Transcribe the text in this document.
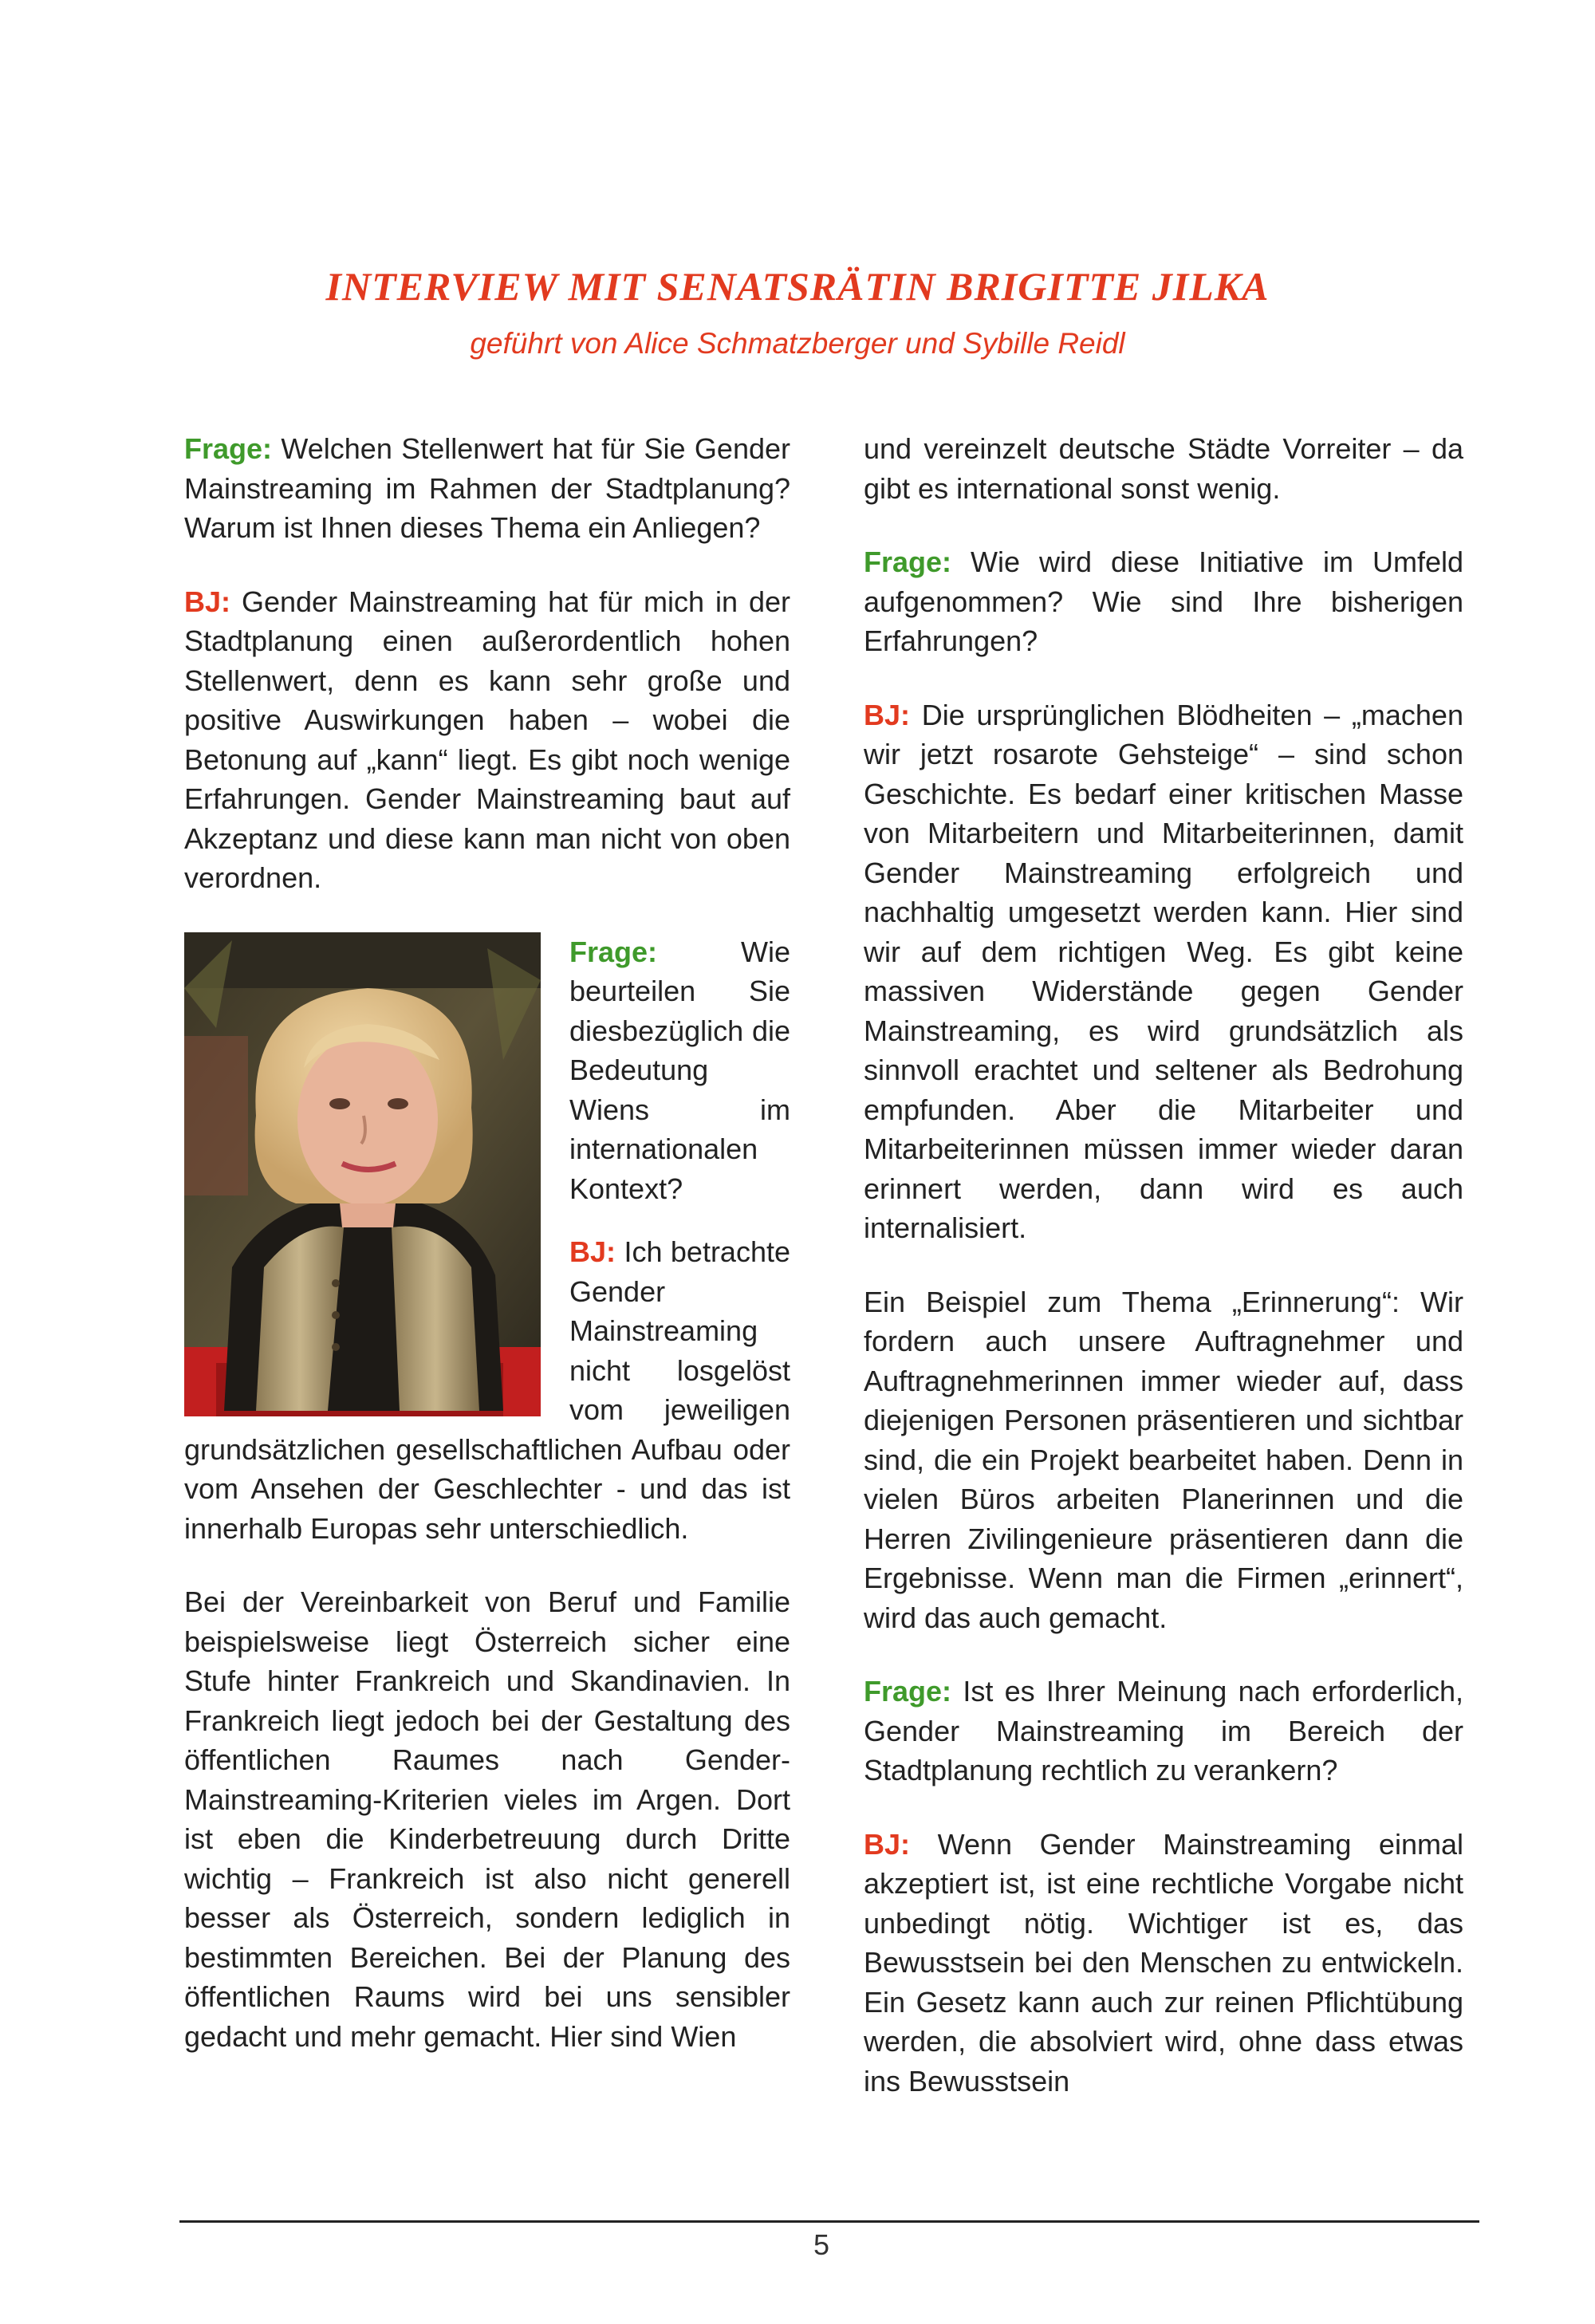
INTERVIEW MIT SENATSRÄTIN BRIGITTE JILKA
geführt von Alice Schmatzberger und Sybille Reidl

Frage: Welchen Stellenwert hat für Sie Gender Mainstreaming im Rahmen der Stadtplanung? Warum ist Ihnen dieses Thema ein Anliegen?

BJ: Gender Mainstreaming hat für mich in der Stadtplanung einen außerordentlich hohen Stellenwert, denn es kann sehr große und positive Auswirkungen haben – wobei die Betonung auf „kann“ liegt. Es gibt noch wenige Erfahrungen. Gender Mainstreaming baut auf Akzeptanz und diese kann man nicht von oben verordnen.

Frage:	Wie beurteilen Sie diesbezüglich die Bedeutung Wiens im internationalen Kontext?

BJ: Ich betrachte Gender Mainstreaming nicht losgelöst vom jeweiligen grundsätzlichen gesellschaftlichen Aufbau oder vom Ansehen der Geschlechter - und das ist innerhalb Europas sehr unterschiedlich.

Bei der Vereinbarkeit von Beruf und Familie beispielsweise liegt Österreich sicher eine Stufe hinter Frankreich und Skandinavien. In Frankreich liegt jedoch bei der Gestaltung des öffentlichen Raumes nach Gender-Mainstreaming-Kriterien vieles im Argen. Dort ist eben die Kinderbetreuung durch Dritte wichtig – Frankreich ist also nicht generell besser als Österreich, sondern lediglich in bestimmten Bereichen. Bei der Planung des öffentlichen Raums wird bei uns sensibler gedacht und mehr gemacht. Hier sind Wien

und vereinzelt deutsche Städte Vorreiter – da gibt es international sonst wenig.

Frage: Wie wird diese Initiative im Umfeld aufgenommen? Wie sind Ihre bisherigen Erfahrungen?

BJ: Die ursprünglichen Blödheiten – „machen wir jetzt rosarote Gehsteige“ – sind schon Geschichte. Es bedarf einer kritischen Masse von Mitarbeitern und Mitarbeiterinnen, damit Gender Mainstreaming erfolgreich und nachhaltig umgesetzt werden kann. Hier sind wir auf dem richtigen Weg. Es gibt keine massiven Widerstände gegen Gender Mainstreaming, es wird grundsätzlich als sinnvoll erachtet und seltener als Bedrohung empfunden. Aber die Mitarbeiter und Mitarbeiterinnen müssen immer wieder daran erinnert werden, dann wird es auch internalisiert.

Ein Beispiel zum Thema „Erinnerung“: Wir fordern auch unsere Auftragnehmer und Auftragnehmerinnen immer wieder auf, dass diejenigen Personen präsentieren und sichtbar sind, die ein Projekt bearbeitet haben. Denn in vielen Büros arbeiten Planerinnen und die Herren Zivilingenieure präsentieren dann die Ergebnisse. Wenn man die Firmen „erinnert“, wird das auch gemacht.

Frage: Ist es Ihrer Meinung nach erforderlich, Gender Mainstreaming im Bereich der Stadtplanung rechtlich zu verankern?

BJ: Wenn Gender Mainstreaming einmal akzeptiert ist, ist eine rechtliche Vorgabe nicht unbedingt nötig. Wichtiger ist es, das Bewusstsein bei den Menschen zu entwickeln. Ein Gesetz kann auch zur reinen Pflichtübung werden, die absolviert wird, ohne dass etwas ins Bewusstsein

5
